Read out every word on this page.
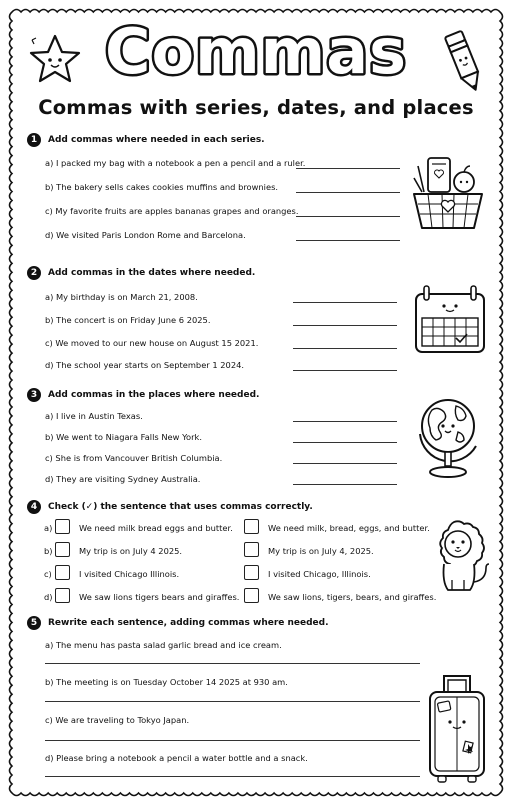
Commas
Commas with series, dates, and places
1	Add commas where needed in each series.
a) I packed my bag with a notebook a pen a pencil and a ruler.
b) The bakery sells cakes cookies muffins and brownies.
c) My favorite fruits are apples bananas grapes and oranges.
d) We visited Paris London Rome and Barcelona.
2	Add commas in the dates where needed.
a) My birthday is on March 21, 2008.
b) The concert is on Friday June 6 2025.
c) We moved to our new house on August 15 2021.
d) The school year starts on September 1 2024.
3	Add commas in the places where needed.
a) I live in Austin Texas.
b) We went to Niagara Falls New York.
c) She is from Vancouver British Columbia.
d) They are visiting Sydney Australia.
4	Check (✓) the sentence that uses commas correctly.
a)	We need milk bread eggs and butter.	We need milk, bread, eggs, and butter.
b)	My trip is on July 4 2025.	My trip is on July 4, 2025.
c)	I visited Chicago Illinois.	I visited Chicago, Illinois.
d)	We saw lions tigers bears and giraffes.	We saw lions, tigers, bears, and giraffes.
5	Rewrite each sentence, adding commas where needed.
a) The menu has pasta salad garlic bread and ice cream.
b) The meeting is on Tuesday October 14 2025 at 930 am.
c) We are traveling to Tokyo Japan.
d) Please bring a notebook a pencil a water bottle and a snack.
